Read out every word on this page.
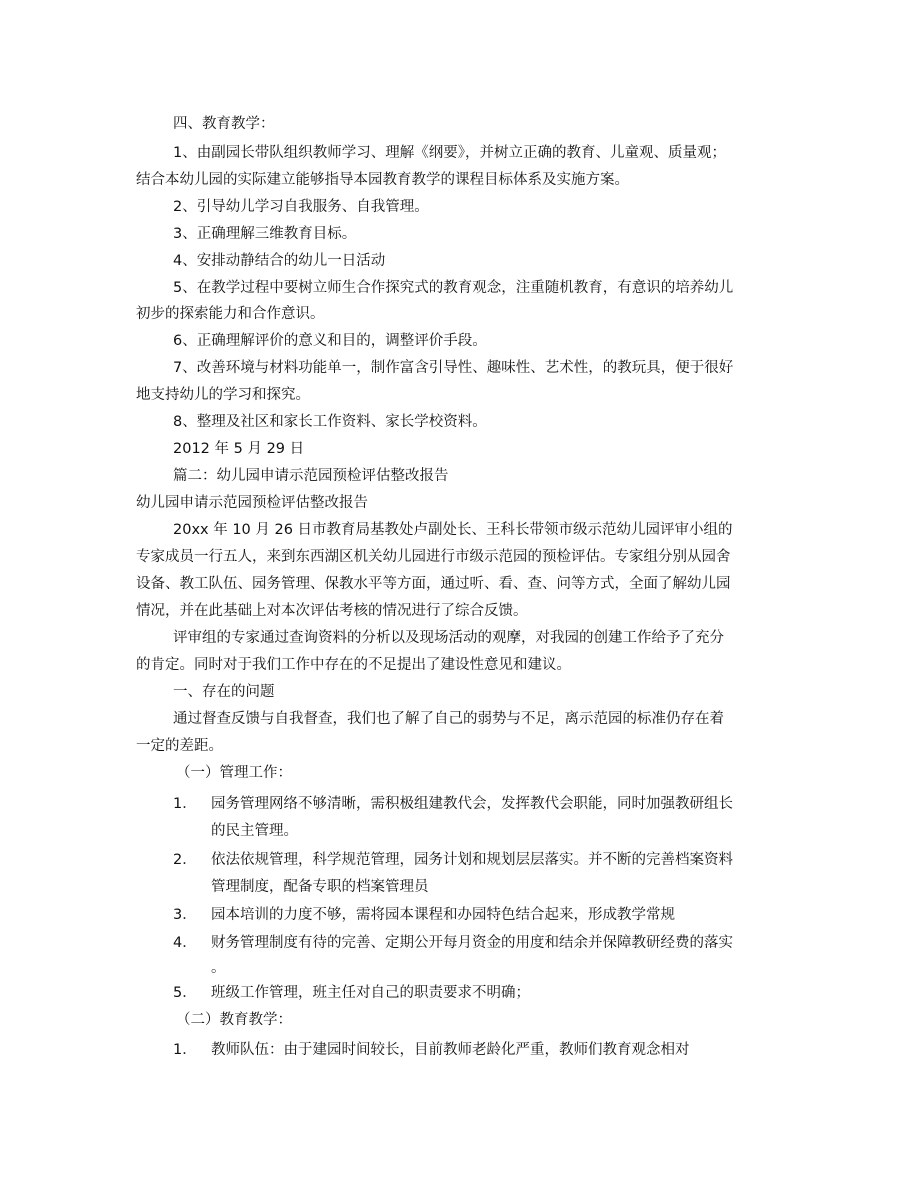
四、教育教学：
1、由副园长带队组织教师学习、理解《纲要》，并树立正确的教育、儿童观、质量观；
结合本幼儿园的实际建立能够指导本园教育教学的课程目标体系及实施方案。
2、引导幼儿学习自我服务、自我管理。
3、正确理解三维教育目标。
4、安排动静结合的幼儿一日活动
5、在教学过程中要树立师生合作探究式的教育观念，注重随机教育，有意识的培养幼儿
初步的探索能力和合作意识。
6、正确理解评价的意义和目的，调整评价手段。
7、改善环境与材料功能单一，制作富含引导性、趣味性、艺术性，的教玩具，便于很好
地支持幼儿的学习和探究。
8、整理及社区和家长工作资料、家长学校资料。
2012 年 5 月 29 日
篇二：幼儿园申请示范园预检评估整改报告
幼儿园申请示范园预检评估整改报告
20xx 年 10 月 26 日市教育局基教处卢副处长、王科长带领市级示范幼儿园评审小组的
专家成员一行五人，来到东西湖区机关幼儿园进行市级示范园的预检评估。专家组分别从园舍
设备、教工队伍、园务管理、保教水平等方面，通过听、看、查、问等方式，全面了解幼儿园
情况，并在此基础上对本次评估考核的情况进行了综合反馈。
评审组的专家通过查询资料的分析以及现场活动的观摩，对我园的创建工作给予了充分
的肯定。同时对于我们工作中存在的不足提出了建设性意见和建议。
一、存在的问题
通过督查反馈与自我督查，我们也了解了自己的弱势与不足，离示范园的标准仍存在着
一定的差距。
（一）管理工作：
1． 园务管理网络不够清晰，需积极组建教代会，发挥教代会职能，同时加强教研组长
的民主管理。
2． 依法依规管理，科学规范管理，园务计划和规划层层落实。并不断的完善档案资料
管理制度，配备专职的档案管理员
3． 园本培训的力度不够，需将园本课程和办园特色结合起来，形成教学常规
4． 财务管理制度有待的完善、定期公开每月资金的用度和结余并保障教研经费的落实
。
5． 班级工作管理，班主任对自己的职责要求不明确；
（二）教育教学：
1． 教师队伍：由于建园时间较长，目前教师老龄化严重，教师们教育观念相对
